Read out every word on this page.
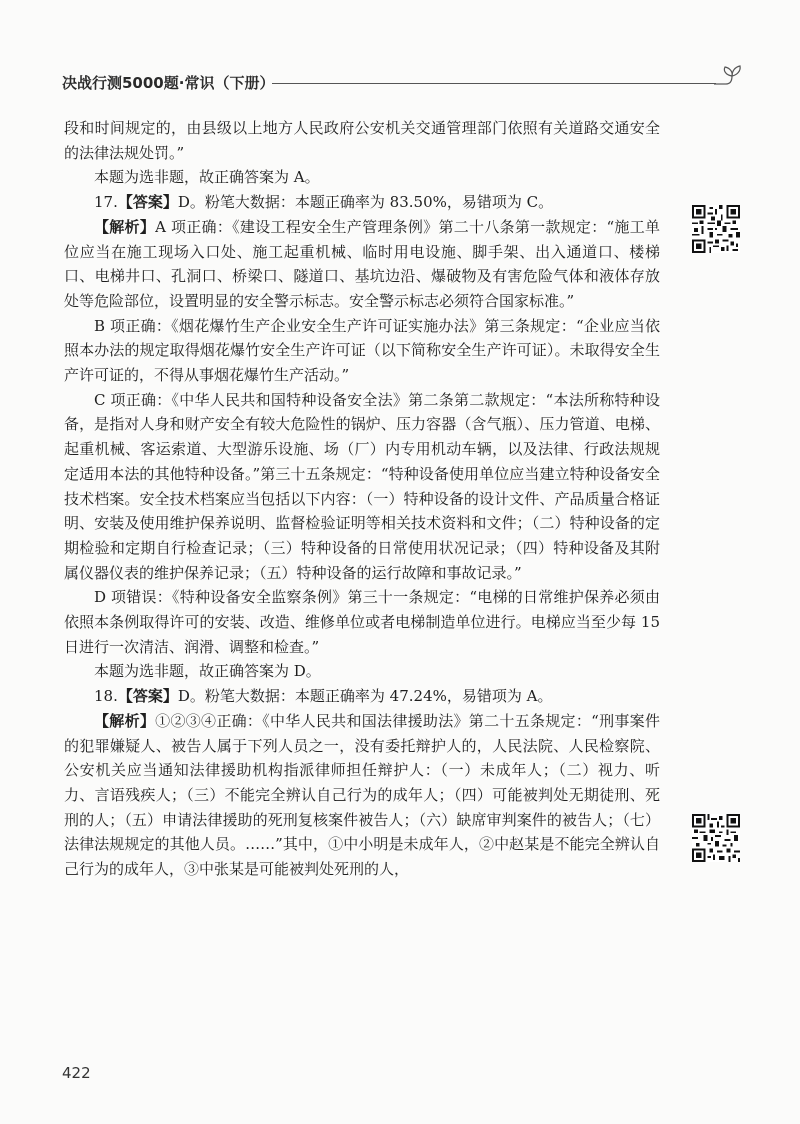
决战行测5000题·常识（下册）

段和时间规定的，由县级以上地方人民政府公安机关交通管理部门依照有关道路交通安全的法律法规处罚。”

本题为选非题，故正确答案为 A。

17.【答案】D。粉笔大数据：本题正确率为 83.50%，易错项为 C。

【解析】A 项正确：《建设工程安全生产管理条例》第二十八条第一款规定：“施工单位应当在施工现场入口处、施工起重机械、临时用电设施、脚手架、出入通道口、楼梯口、电梯井口、孔洞口、桥梁口、隧道口、基坑边沿、爆破物及有害危险气体和液体存放处等危险部位，设置明显的安全警示标志。安全警示标志必须符合国家标准。”

B 项正确：《烟花爆竹生产企业安全生产许可证实施办法》第三条规定：“企业应当依照本办法的规定取得烟花爆竹安全生产许可证（以下简称安全生产许可证）。未取得安全生产许可证的，不得从事烟花爆竹生产活动。”

C 项正确：《中华人民共和国特种设备安全法》第二条第二款规定：“本法所称特种设备，是指对人身和财产安全有较大危险性的锅炉、压力容器（含气瓶）、压力管道、电梯、起重机械、客运索道、大型游乐设施、场（厂）内专用机动车辆，以及法律、行政法规规定适用本法的其他特种设备。”第三十五条规定：“特种设备使用单位应当建立特种设备安全技术档案。安全技术档案应当包括以下内容：（一）特种设备的设计文件、产品质量合格证明、安装及使用维护保养说明、监督检验证明等相关技术资料和文件；（二）特种设备的定期检验和定期自行检查记录；（三）特种设备的日常使用状况记录；（四）特种设备及其附属仪器仪表的维护保养记录；（五）特种设备的运行故障和事故记录。”

D 项错误：《特种设备安全监察条例》第三十一条规定：“电梯的日常维护保养必须由依照本条例取得许可的安装、改造、维修单位或者电梯制造单位进行。电梯应当至少每 15 日进行一次清洁、润滑、调整和检查。”

本题为选非题，故正确答案为 D。

18.【答案】D。粉笔大数据：本题正确率为 47.24%，易错项为 A。

【解析】①②③④正确：《中华人民共和国法律援助法》第二十五条规定：“刑事案件的犯罪嫌疑人、被告人属于下列人员之一，没有委托辩护人的，人民法院、人民检察院、公安机关应当通知法律援助机构指派律师担任辩护人：（一）未成年人；（二）视力、听力、言语残疾人；（三）不能完全辨认自己行为的成年人；（四）可能被判处无期徒刑、死刑的人；（五）申请法律援助的死刑复核案件被告人；（六）缺席审判案件的被告人；（七）法律法规规定的其他人员。……”其中，①中小明是未成年人，②中赵某是不能完全辨认自己行为的成年人，③中张某是可能被判处死刑的人，

422
